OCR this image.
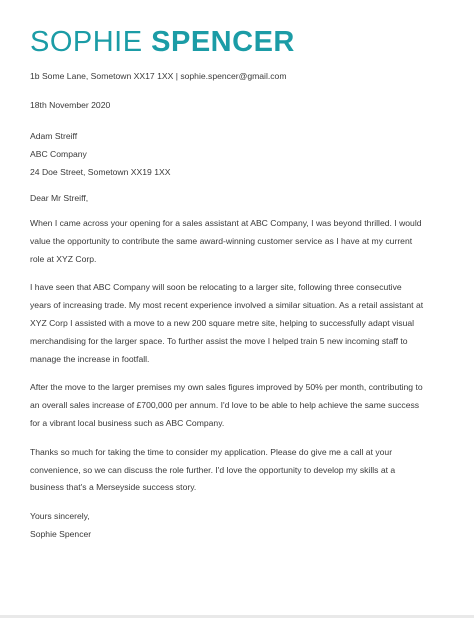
SOPHIE SPENCER
1b Some Lane, Sometown XX17 1XX | sophie.spencer@gmail.com
18th November 2020
Adam Streiff
ABC Company
24 Doe Street, Sometown XX19 1XX
Dear Mr Streiff,
When I came across your opening for a sales assistant at ABC Company, I was beyond thrilled. I would
value the opportunity to contribute the same award-winning customer service as I have at my current
role at XYZ Corp.
I have seen that ABC Company will soon be relocating to a larger site, following three consecutive
years of increasing trade. My most recent experience involved a similar situation. As a retail assistant at
XYZ Corp I assisted with a move to a new 200 square metre site, helping to successfully adapt visual
merchandising for the larger space. To further assist the move I helped train 5 new incoming staff to
manage the increase in footfall.
After the move to the larger premises my own sales figures improved by 50% per month, contributing to
an overall sales increase of £700,000 per annum. I'd love to be able to help achieve the same success
for a vibrant local business such as ABC Company.
Thanks so much for taking the time to consider my application. Please do give me a call at your
convenience, so we can discuss the role further. I'd love the opportunity to develop my skills at a
business that's a Merseyside success story.
Yours sincerely,
Sophie Spencer
